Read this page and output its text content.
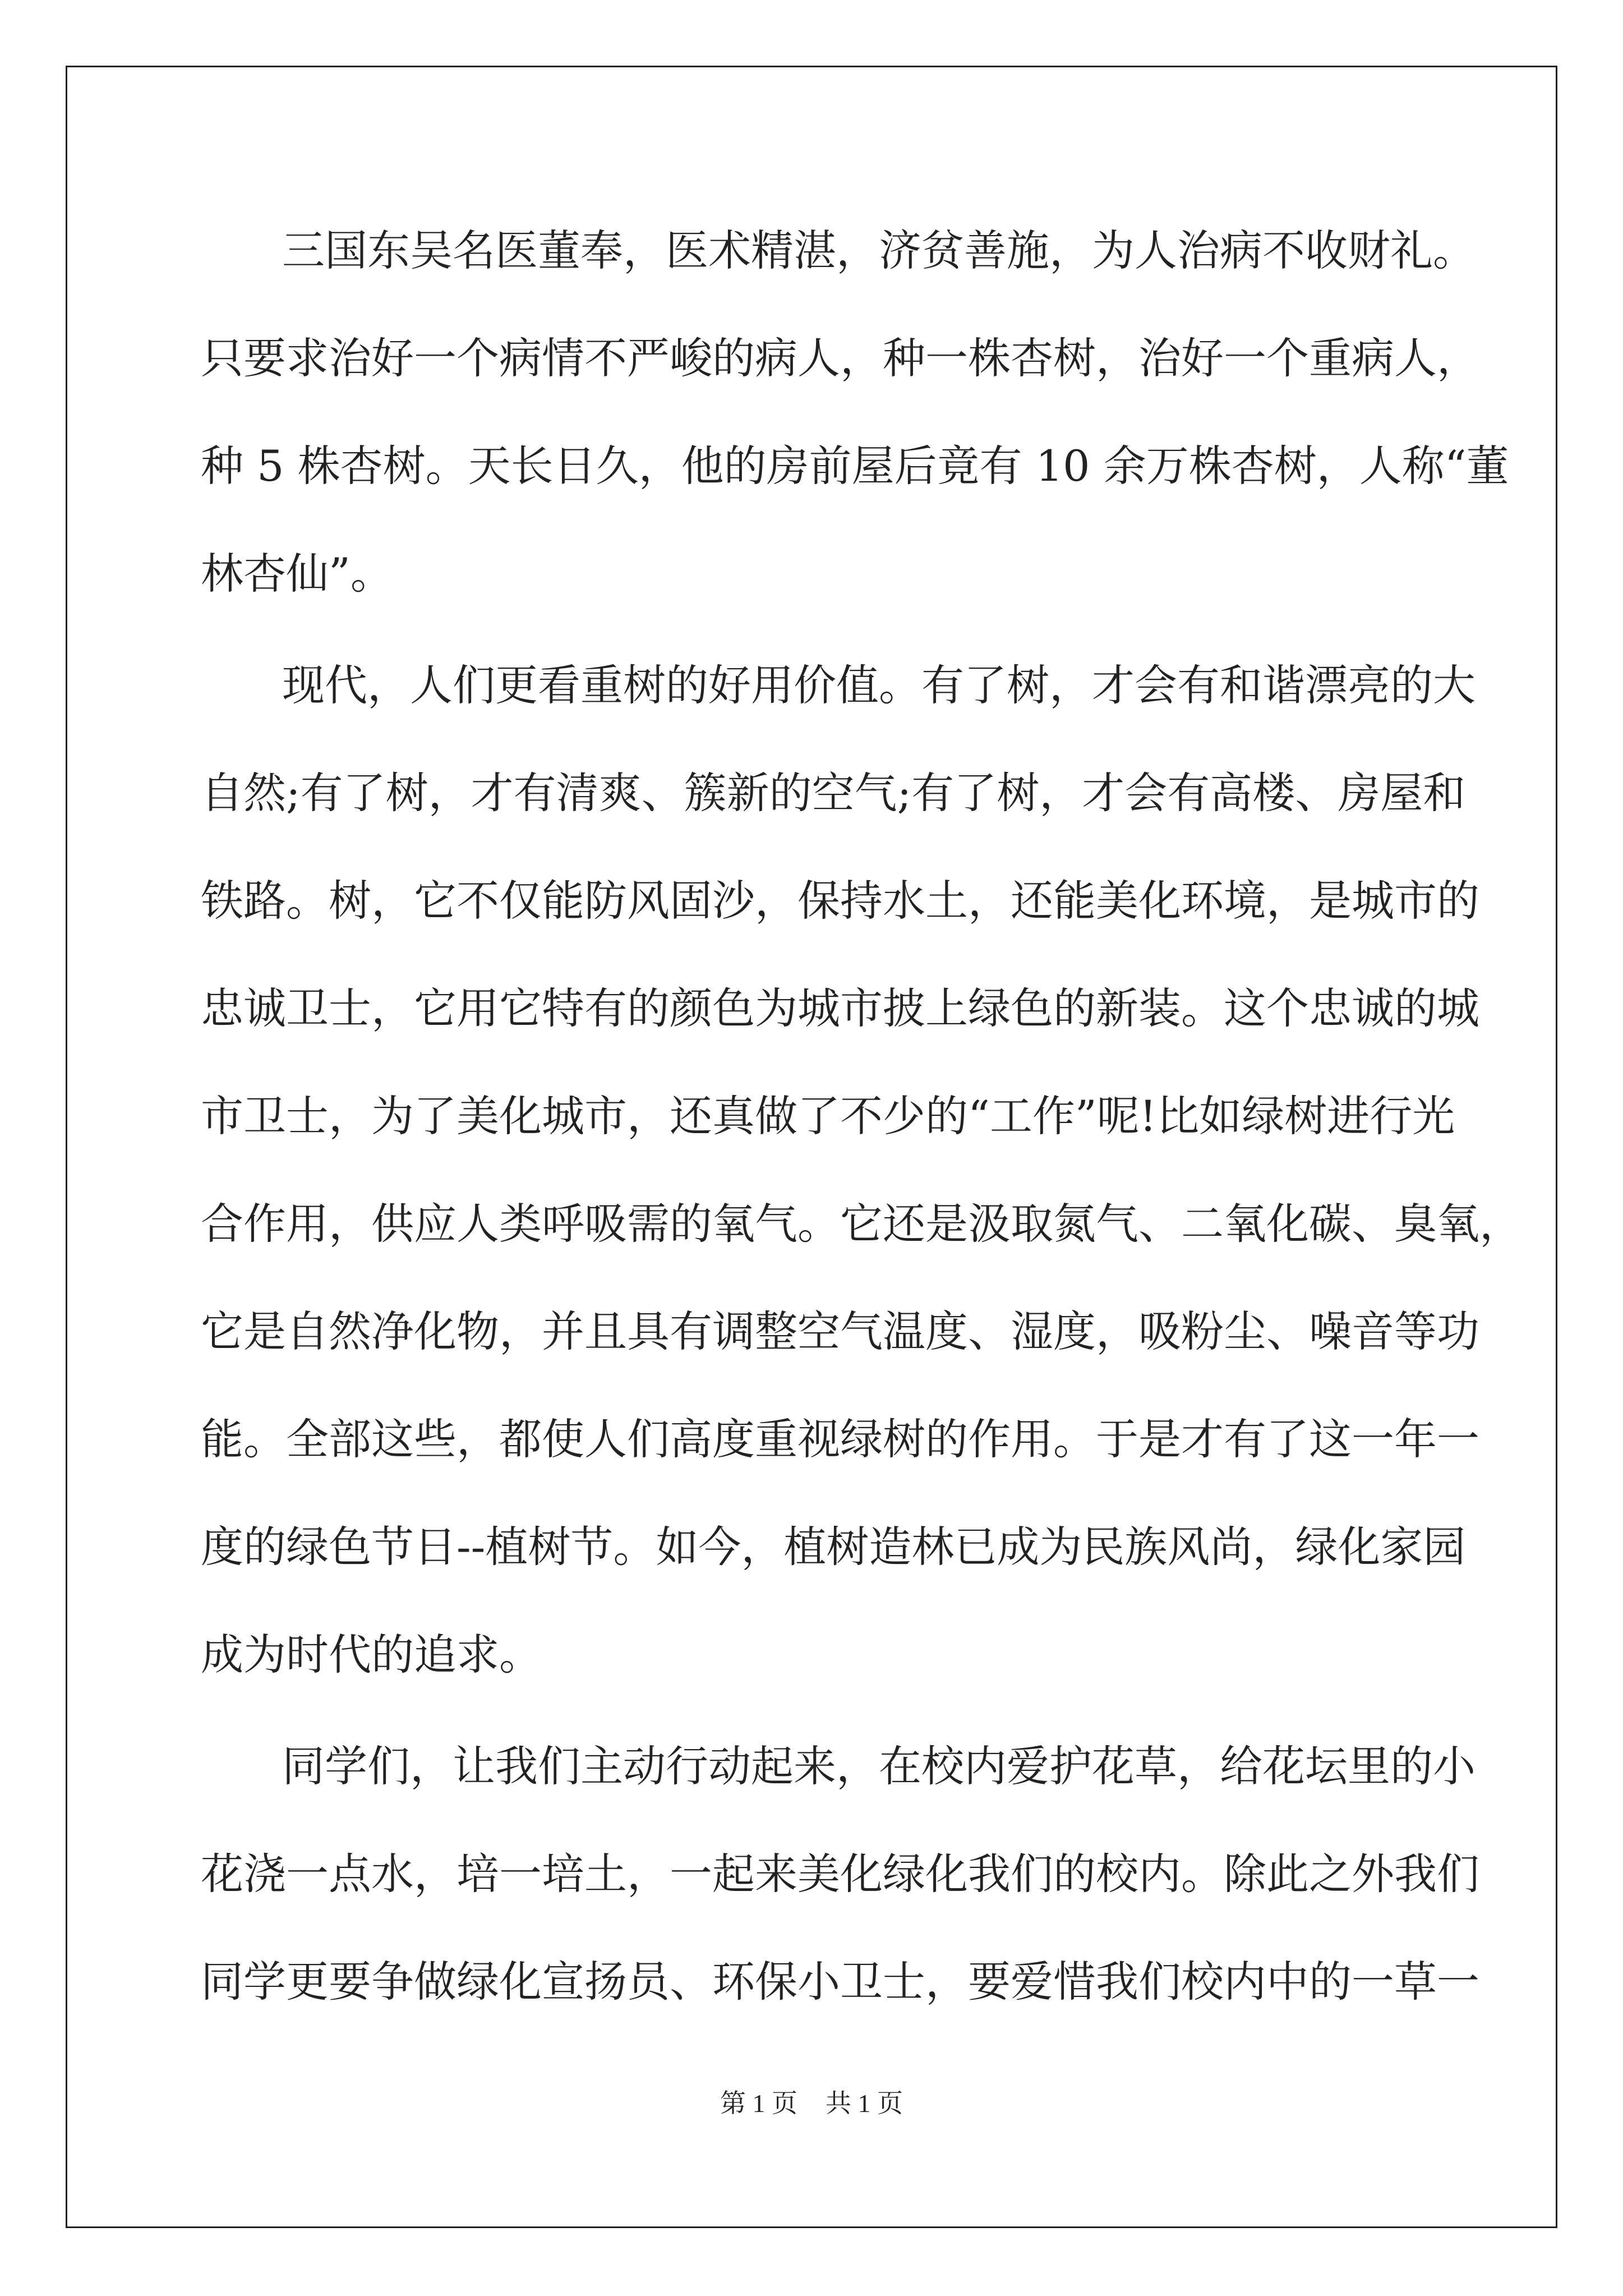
三国东吴名医董奉，医术精湛，济贫善施，为人治病不收财礼。
只要求治好一个病情不严峻的病人，种一株杏树，治好一个重病人，
种 5 株杏树。天长日久，他的房前屋后竟有 10 余万株杏树，人称“董
林杏仙”。
现代，人们更看重树的好用价值。有了树，才会有和谐漂亮的大
自然;有了树，才有清爽、簇新的空气;有了树，才会有高楼、房屋和
铁路。树，它不仅能防风固沙，保持水土，还能美化环境，是城市的
忠诚卫士，它用它特有的颜色为城市披上绿色的新装。这个忠诚的城
市卫士，为了美化城市，还真做了不少的“工作”呢!比如绿树进行光
合作用，供应人类呼吸需的氧气。它还是汲取氮气、二氧化碳、臭氧，
它是自然净化物，并且具有调整空气温度、湿度，吸粉尘、噪音等功
能。全部这些，都使人们高度重视绿树的作用。于是才有了这一年一
度的绿色节日--植树节。如今，植树造林已成为民族风尚，绿化家园
成为时代的追求。
同学们，让我们主动行动起来，在校内爱护花草，给花坛里的小
花浇一点水，培一培土，一起来美化绿化我们的校内。除此之外我们
同学更要争做绿化宣扬员、环保小卫士，要爱惜我们校内中的一草一
第 1 页 共 1 页
